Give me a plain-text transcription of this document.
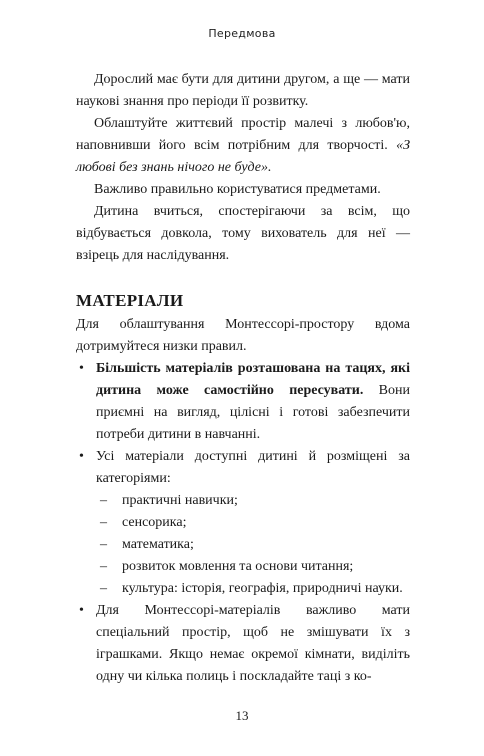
Передмова

Дорослий має бути для дитини другом, а ще — мати наукові знання про періоди її розвитку.

Облаштуйте життєвий простір малечі з любов'ю, наповнивши його всім потрібним для творчості. «З любові без знань нічого не буде».

Важливо правильно користуватися предметами.

Дитина вчиться, спостерігаючи за всім, що відбувається довкола, тому вихователь для неї — взірець для наслідування.

МАТЕРІАЛИ

Для облаштування Монтессорі-простору вдома дотримуйтеся низки правил.

• Більшість матеріалів розташована на тацях, які дитина може самостійно пересувати. Вони приємні на вигляд, цілісні і готові забезпечити потреби дитини в навчанні.
• Усі матеріали доступні дитині й розміщені за категоріями:
– практичні навички;
– сенсорика;
– математика;
– розвиток мовлення та основи читання;
– культура: історія, географія, природничі науки.
• Для Монтессорі-матеріалів важливо мати спеціальний простір, щоб не змішувати їх з іграшками. Якщо немає окремої кімнати, виділіть одну чи кілька полиць і поскладайте таці з ко-
13
